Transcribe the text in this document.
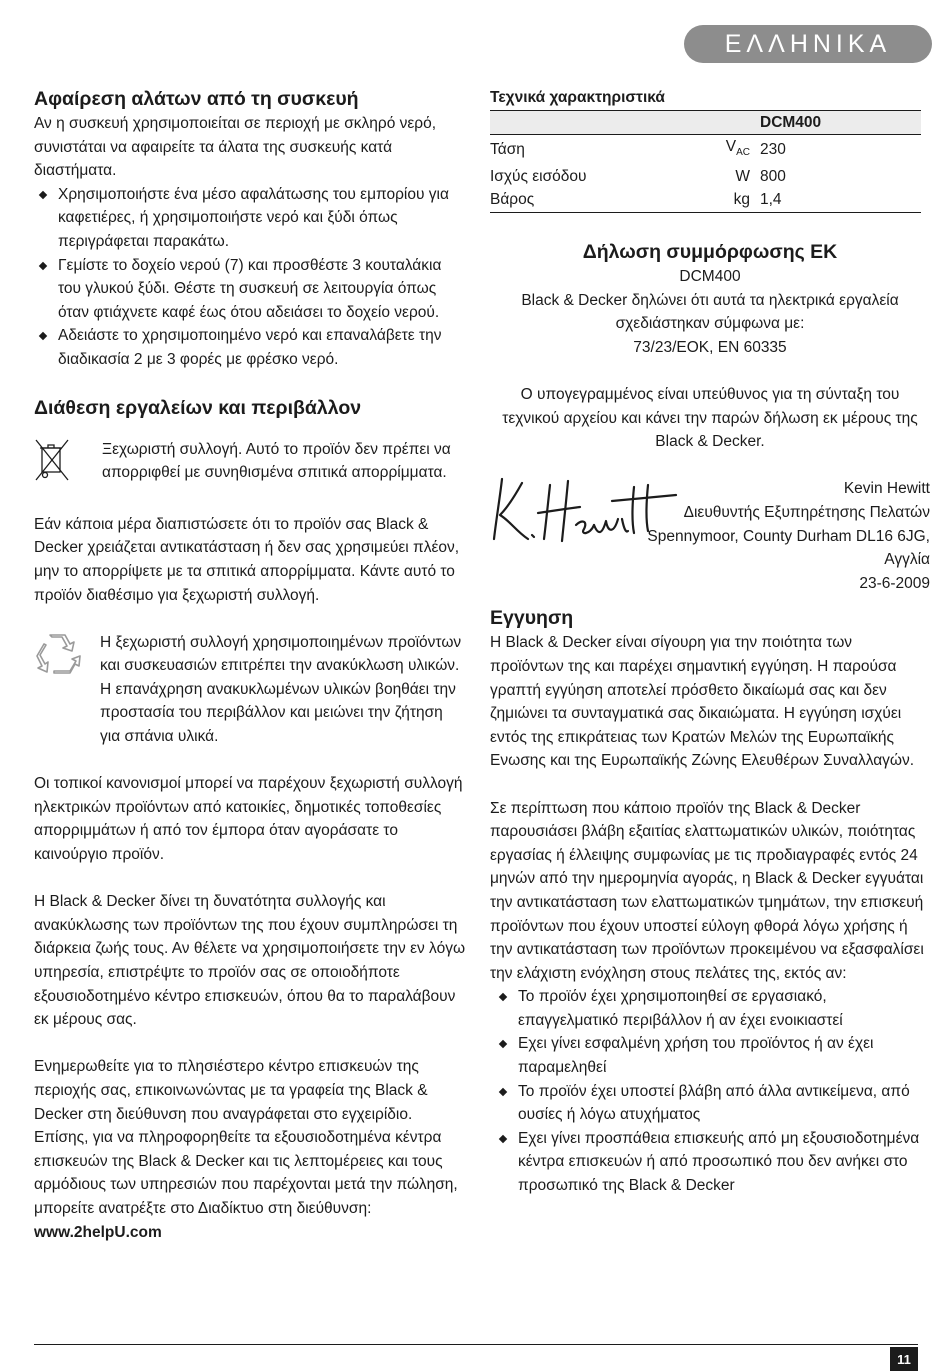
ΕΛΛΗΝΙΚΑ
Αφαίρεση αλάτων από τη συσκευή

Αν η συσκευή χρησιμοποιείται σε περιοχή με σκληρό νερό, συνιστάται να αφαιρείτε τα άλατα της συσκευής κατά διαστήματα.

Χρησιμοποιήστε ένα μέσο αφαλάτωσης του εμπορίου για καφετιέρες, ή χρησιμοποιήστε νερό και ξύδι όπως περιγράφεται παρακάτω.
Γεμίστε το δοχείο νερού (7) και προσθέστε 3 κουταλάκια του γλυκού ξύδι. Θέστε τη συσκευή σε λειτουργία όπως όταν φτιάχνετε καφέ έως ότου αδειάσει το δοχείο νερού.
Αδειάστε το χρησιμοποιημένο νερό και επαναλάβετε την διαδικασία 2 με 3 φορές με φρέσκο νερό.
Διάθεση εργαλείων και περιβάλλον

Ξεχωριστή συλλογή. Αυτό το προϊόν δεν πρέπει να απορριφθεί με συνηθισμένα σπιτικά απορρίμματα.

Εάν κάποια μέρα διαπιστώσετε ότι το προϊόν σας Black & Decker χρειάζεται αντικατάσταση ή δεν σας χρησιμεύει πλέον, μην το απορρίψετε με τα σπιτικά απορρίμματα. Κάντε αυτό το προϊόν διαθέσιμο για ξεχωριστή συλλογή.

Η ξεχωριστή συλλογή χρησιμοποιημένων προϊόντων και συσκευασιών επιτρέπει την ανακύκλωση υλικών. Η επανάχρηση ανακυκλωμένων υλικών βοηθάει την προστασία του περιβάλλον και μειώνει την ζήτηση για σπάνια υλικά.

Οι τοπικοί κανονισμοί μπορεί να παρέχουν ξεχωριστή συλλογή ηλεκτρικών προϊόντων από κατοικίες, δημοτικές τοποθεσίες απορριμμάτων ή από τον έμπορα όταν αγοράσατε το καινούργιο προϊόν.

Η Black & Decker δίνει τη δυνατότητα συλλογής και ανακύκλωσης των προϊόντων της που έχουν συμπληρώσει τη διάρκεια ζωής τους. Αν θέλετε να χρησιμοποιήσετε την εν λόγω υπηρεσία, επιστρέψτε το προϊόν σας σε οποιοδήποτε εξουσιοδοτημένο κέντρο επισκευών, όπου θα το παραλάβουν εκ μέρους σας.

Ενημερωθείτε για το πλησιέστερο κέντρο επισκευών της περιοχής σας, επικοινωνώντας με τα γραφεία της Black & Decker στη διεύθυνση που αναγράφεται στο εγχειρίδιο. Επίσης, για να πληροφορηθείτε τα εξουσιοδοτημένα κέντρα επισκευών της Black & Decker και τις λεπτομέρειες και τους αρμόδιους των υπηρεσιών που παρέχονται μετά την πώληση, μπορείτε ανατρέξτε στο Διαδίκτυο στη διεύθυνση: www.2helpU.com

Τεχνικά χαρακτηριστικά

		DCM400
Τάση	$V_{AC}$	230
Ισχύς εισόδου	W	800
Βάρος	kg	1,4
Δήλωση συμμόρφωσης ΕΚ

DCM400

Black & Decker δηλώνει ότι αυτά τα ηλεκτρικά εργαλεία σχεδιάστηκαν σύμφωνα με:

73/23/ΕΟΚ, EN 60335

Ο υπογεγραμμένος είναι υπεύθυνος για τη σύνταξη του τεχνικού αρχείου και κάνει την παρών δήλωση εκ μέρους της Black & Decker.

Kevin Hewitt

Διευθυντής Εξυπηρέτησης Πελατών

Spennymoor, County Durham DL16 6JG,

Αγγλία

23-6-2009

Εγγυηση

Η Black & Decker είναι σίγουρη για την ποιότητα των προϊόντων της και παρέχει σημαντική εγγύηση. Η παρούσα γραπτή εγγύηση αποτελεί πρόσθετο δικαίωμά σας και δεν ζημιώνει τα συνταγματικά σας δικαιώματα. Η εγγύηση ισχύει εντός της επικράτειας των Κρατών Μελών της Ευρωπαϊκής Ενωσης και της Ευρωπαϊκής Ζώνης Ελευθέρων Συναλλαγών.

Σε περίπτωση που κάποιο προϊόν της Black & Decker παρουσιάσει βλάβη εξαιτίας ελαττωματικών υλικών, ποιότητας εργασίας ή έλλειψης συμφωνίας με τις προδιαγραφές εντός 24 μηνών από την ημερομηνία αγοράς, η Black & Decker εγγυάται την αντικατάσταση των ελαττωματικών τμημάτων, την επισκευή προϊόντων που έχουν υποστεί εύλογη φθορά λόγω χρήσης ή την αντικατάσταση των προϊόντων προκειμένου να εξασφαλίσει την ελάχιστη ενόχληση στους πελάτες της, εκτός αν:

Το προϊόν έχει χρησιμοποιηθεί σε εργασιακό, επαγγελματικό περιβάλλον ή αν έχει ενοικιαστεί
Εχει γίνει εσφαλμένη χρήση του προϊόντος ή αν έχει παραμεληθεί
Το προϊόν έχει υποστεί βλάβη από άλλα αντικείμενα, από ουσίες ή λόγω ατυχήματος
Εχει γίνει προσπάθεια επισκευής από μη εξουσιοδοτημένα κέντρα επισκευών ή από προσωπικό που δεν ανήκει στο προσωπικό της Black & Decker
11
